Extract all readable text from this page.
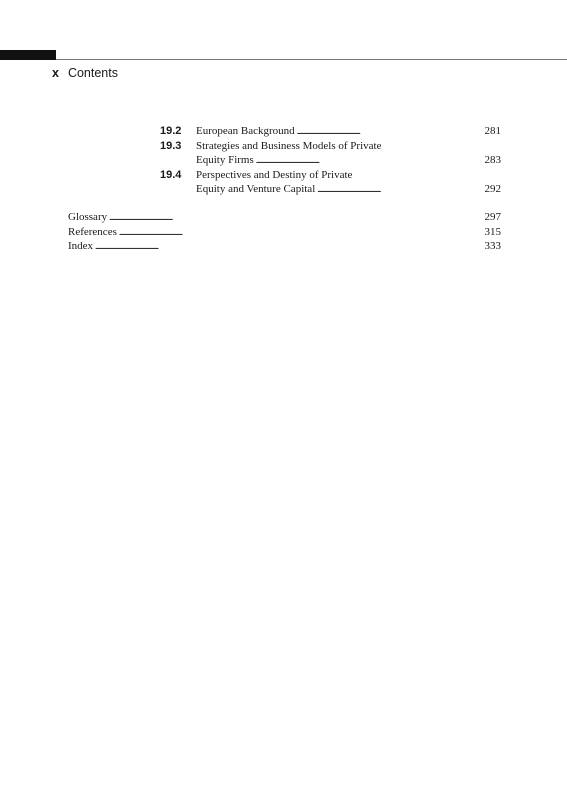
x Contents
19.2	European Background . . .	281
19.3	Strategies and Business Models of Private
Equity Firms . . .	283
19.4	Perspectives and Destiny of Private
Equity and Venture Capital . . .	292
Glossary . . .	297
References . . .	315
Index . . .	333
